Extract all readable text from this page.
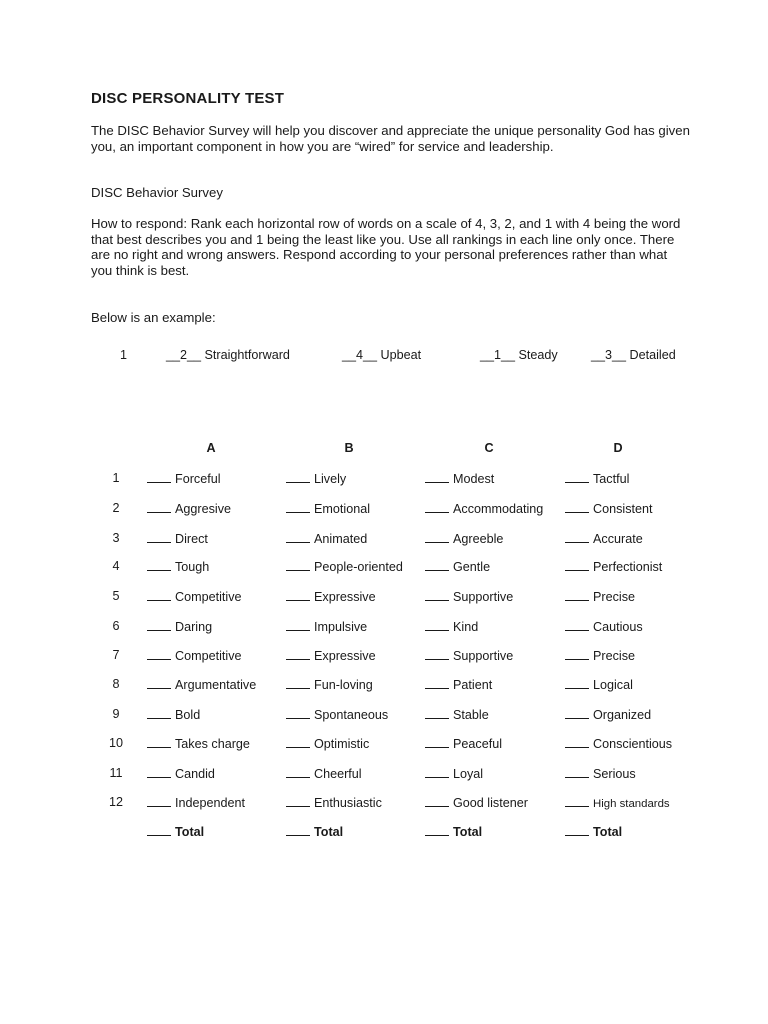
DISC PERSONALITY TEST
The DISC Behavior Survey will help you discover and appreciate the unique personality God has given you, an important component in how you are “wired” for service and leadership.
DISC Behavior Survey
How to respond: Rank each horizontal row of words on a scale of 4, 3, 2, and 1 with 4 being the word that best describes you and 1 being the least like you. Use all rankings in each line only once. There are no right and wrong answers. Respond according to your personal preferences rather than what you think is best.
Below is an example:
1	__2__ Straightforward	__4__ Upbeat	__1__ Steady	__3__ Detailed
A	B	C	D
1	Forceful	Lively	Modest	Tactful
2	Aggresive	Emotional	Accommodating	Consistent
3	Direct	Animated	Agreeble	Accurate
4	Tough	People-oriented	Gentle	Perfectionist
5	Competitive	Expressive	Supportive	Precise
6	Daring	Impulsive	Kind	Cautious
7	Competitive	Expressive	Supportive	Precise
8	Argumentative	Fun-loving	Patient	Logical
9	Bold	Spontaneous	Stable	Organized
10	Takes charge	Optimistic	Peaceful	Conscientious
11	Candid	Cheerful	Loyal	Serious
12	Independent	Enthusiastic	Good listener	High standards
Total	Total	Total	Total
